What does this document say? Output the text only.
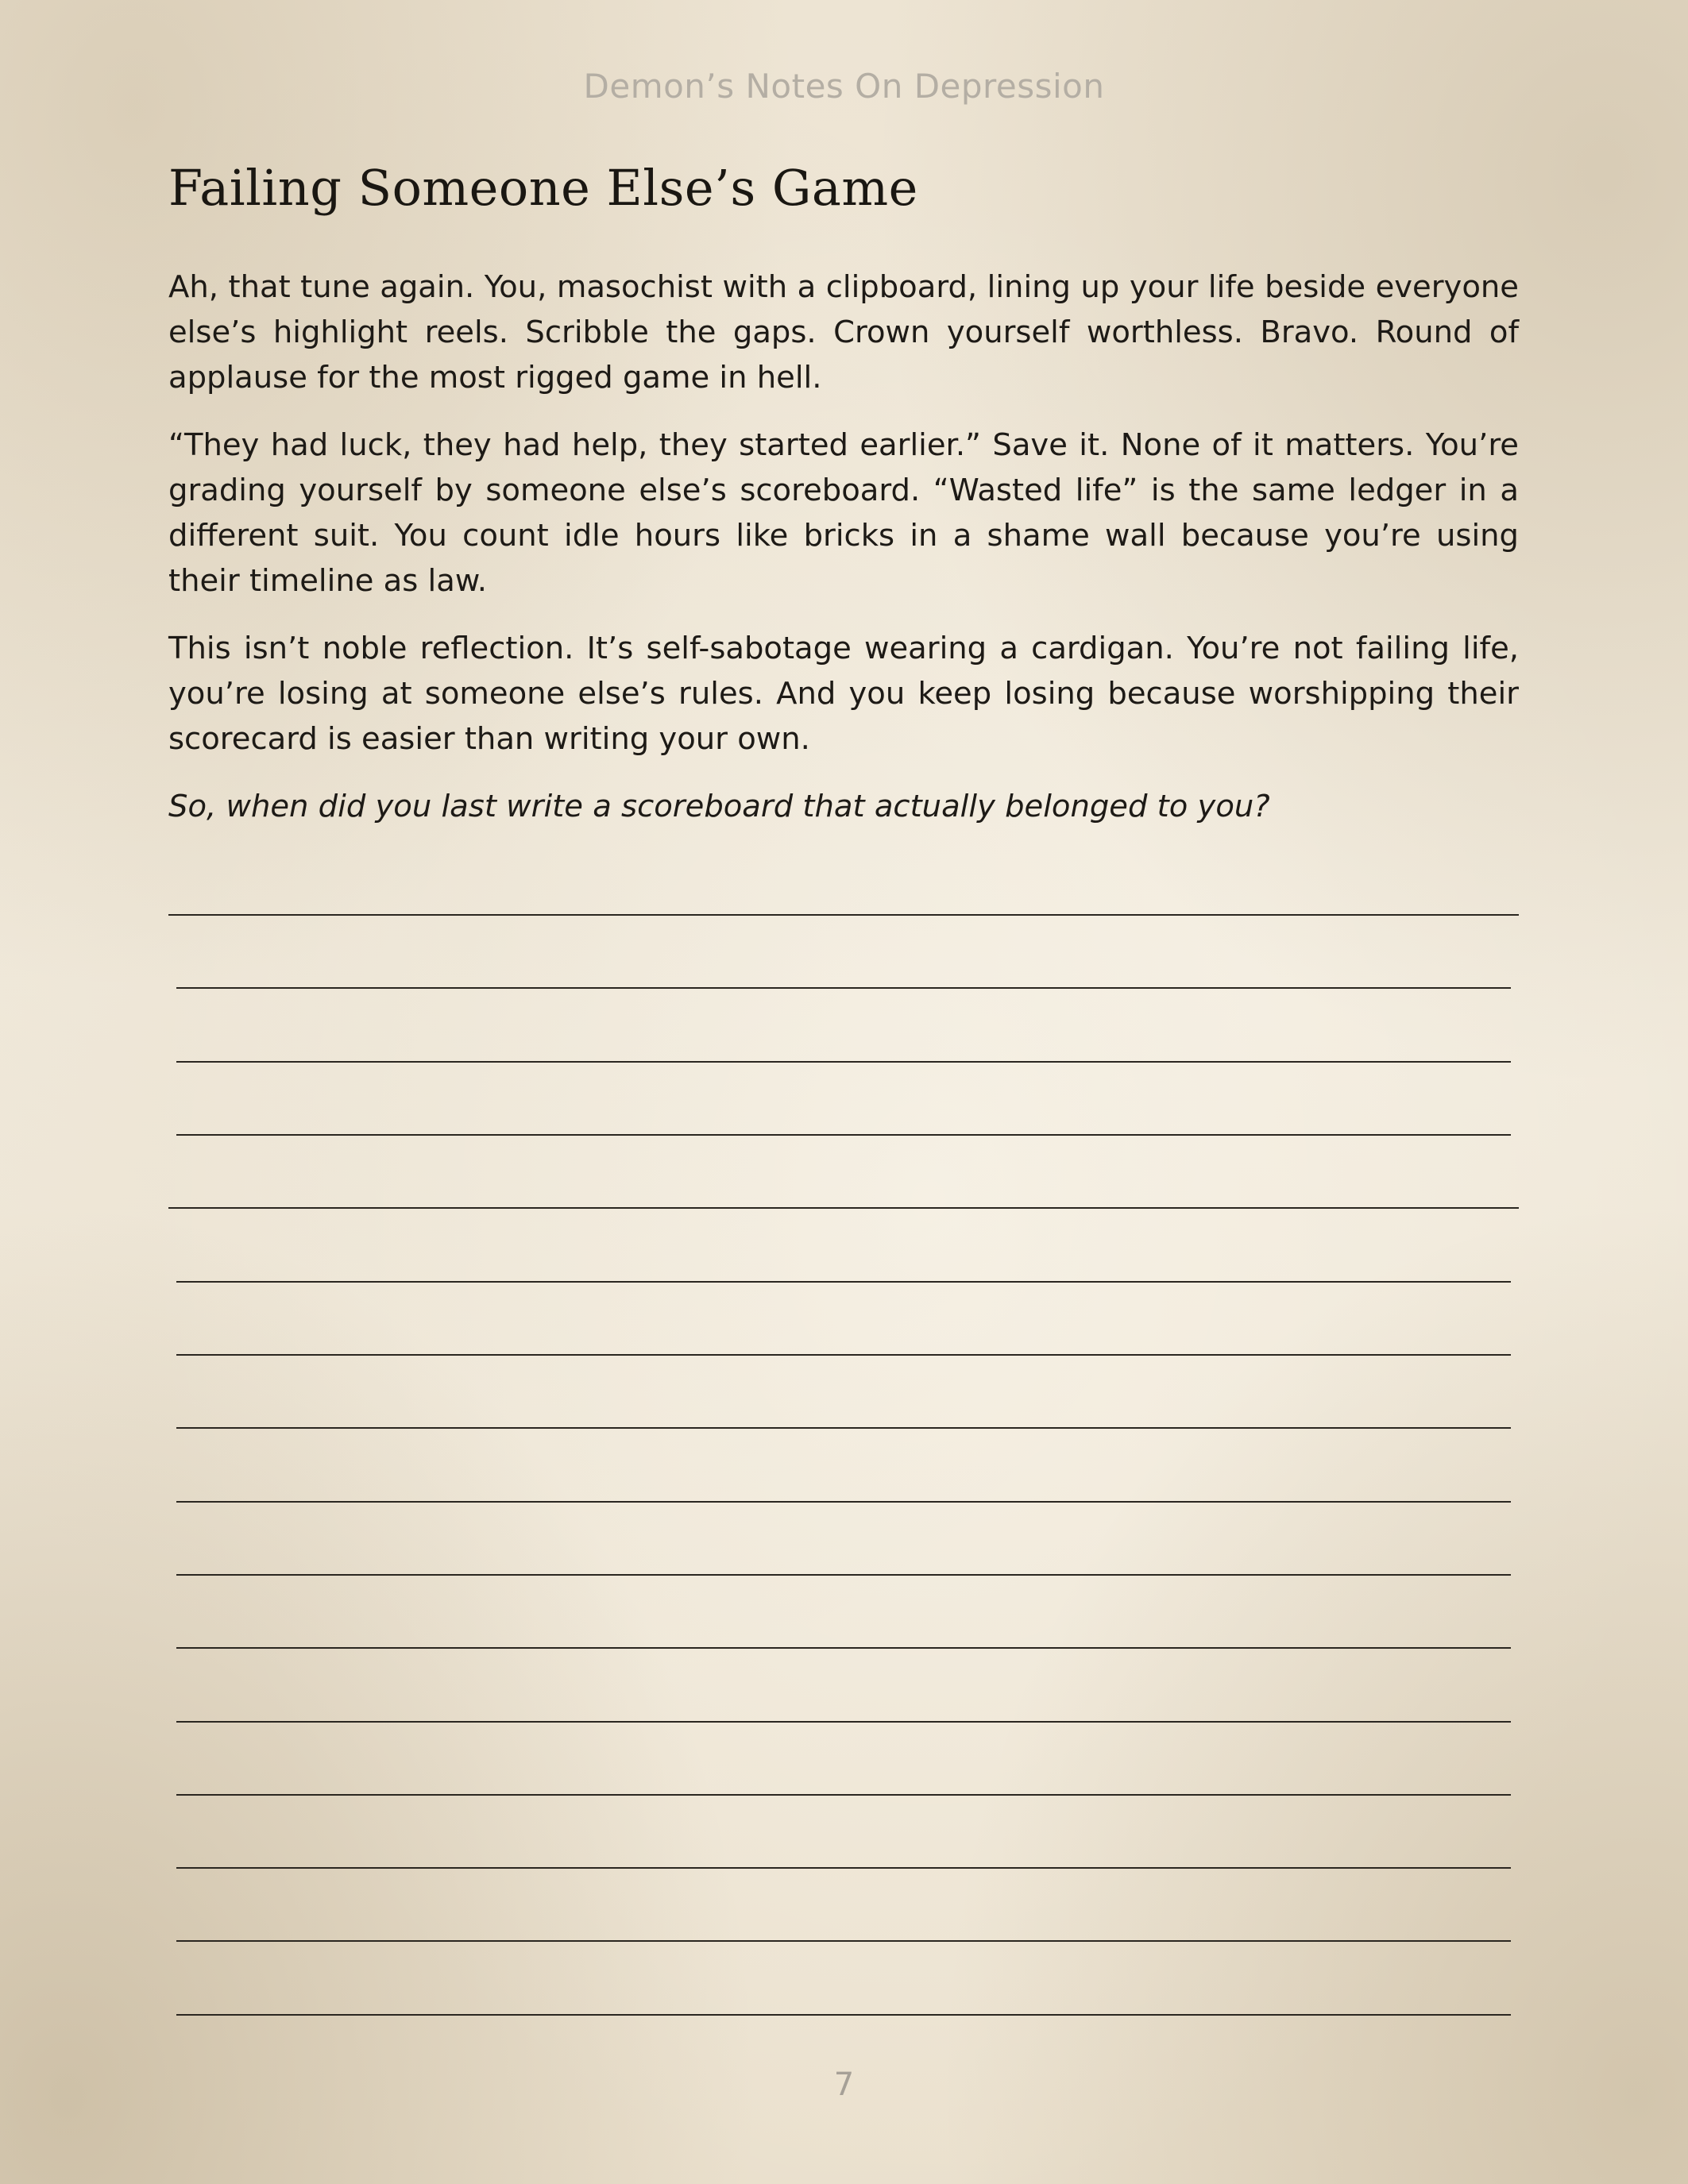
Demon’s Notes On Depression
Failing Someone Else’s Game

Ah, that tune again. You, masochist with a clipboard, lining up your life beside everyone else’s highlight reels. Scribble the gaps. Crown yourself worthless. Bravo. Round of applause for the most rigged game in hell.

“They had luck, they had help, they started earlier.” Save it. None of it matters. You’re grading yourself by someone else’s scoreboard. “Wasted life” is the same ledger in a different suit. You count idle hours like bricks in a shame wall because you’re using their timeline as law.

This isn’t noble reflection. It’s self-sabotage wearing a cardigan. You’re not failing life, you’re losing at someone else’s rules. And you keep losing because worshipping their scorecard is easier than writing your own.

So, when did you last write a scoreboard that actually belonged to you?

7
